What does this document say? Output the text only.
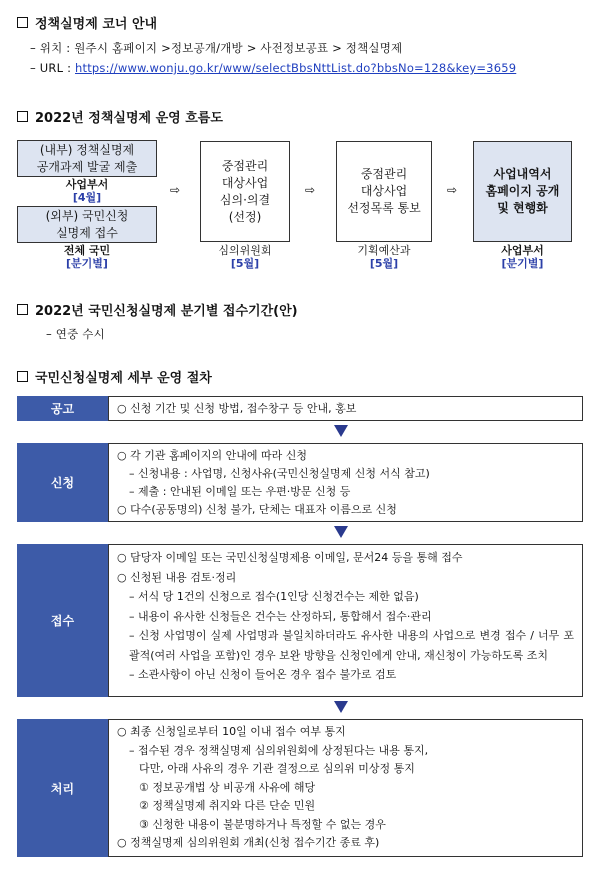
정책실명제 코너 안내
– 위치 : 원주시 홈페이지 >정보공개/개방 > 사전정보공표 > 정책실명제
– URL : https://www.wonju.go.kr/www/selectBbsNttList.do?bbsNo=128&key=3659
2022년 정책실명제 운영 흐름도
(내부) 정책실명제
공개과제 발굴 제출
사업부서
[4월]
(외부) 국민신청
실명제 접수
전체 국민
[분기별]
⇨
중점관리
대상사업
심의·의결
(선정)
심의위원회
[5월]
⇨
중점관리
대상사업
선정목록 통보
기획예산과
[5월]
⇨
사업내역서
홈페이지 공개
및 현행화
사업부서
[분기별]
2022년 국민신청실명제 분기별 접수기간(안)
– 연중 수시
국민신청실명제 세부 운영 절차
공고	○ 신청 기간 및 신청 방법, 접수창구 등 안내, 홍보
신청
○ 각 기관 홈페이지의 안내에 따라 신청
– 신청내용 : 사업명, 신청사유(국민신청실명제 신청 서식 참고)
– 제출 : 안내된 이메일 또는 우편·방문 신청 등
○ 다수(공동명의) 신청 불가, 단체는 대표자 이름으로 신청
접수
○ 담당자 이메일 또는 국민신청실명제용 이메일, 문서24 등을 통해 접수
○ 신청된 내용 검토·정리
– 서식 당 1건의 신청으로 접수(1인당 신청건수는 제한 없음)
– 내용이 유사한 신청들은 건수는 산정하되, 통합해서 접수·관리
– 신청 사업명이 실제 사업명과 불일치하더라도 유사한 내용의 사업으로 변경 접수 / 너무 포괄적(여러 사업을 포함)인 경우 보완 방향을 신청인에게 안내, 재신청이 가능하도록 조치
– 소관사항이 아닌 신청이 들어온 경우 접수 불가로 검토
처리
○ 최종 신청일로부터 10일 이내 접수 여부 통지
– 접수된 경우 정책실명제 심의위원회에 상정된다는 내용 통지,
다만, 아래 사유의 경우 기관 결정으로 심의위 미상정 통지
① 정보공개법 상 비공개 사유에 해당
② 정책실명제 취지와 다른 단순 민원
③ 신청한 내용이 불분명하거나 특정할 수 없는 경우
○ 정책실명제 심의위원회 개최(신청 접수기간 종료 후)
